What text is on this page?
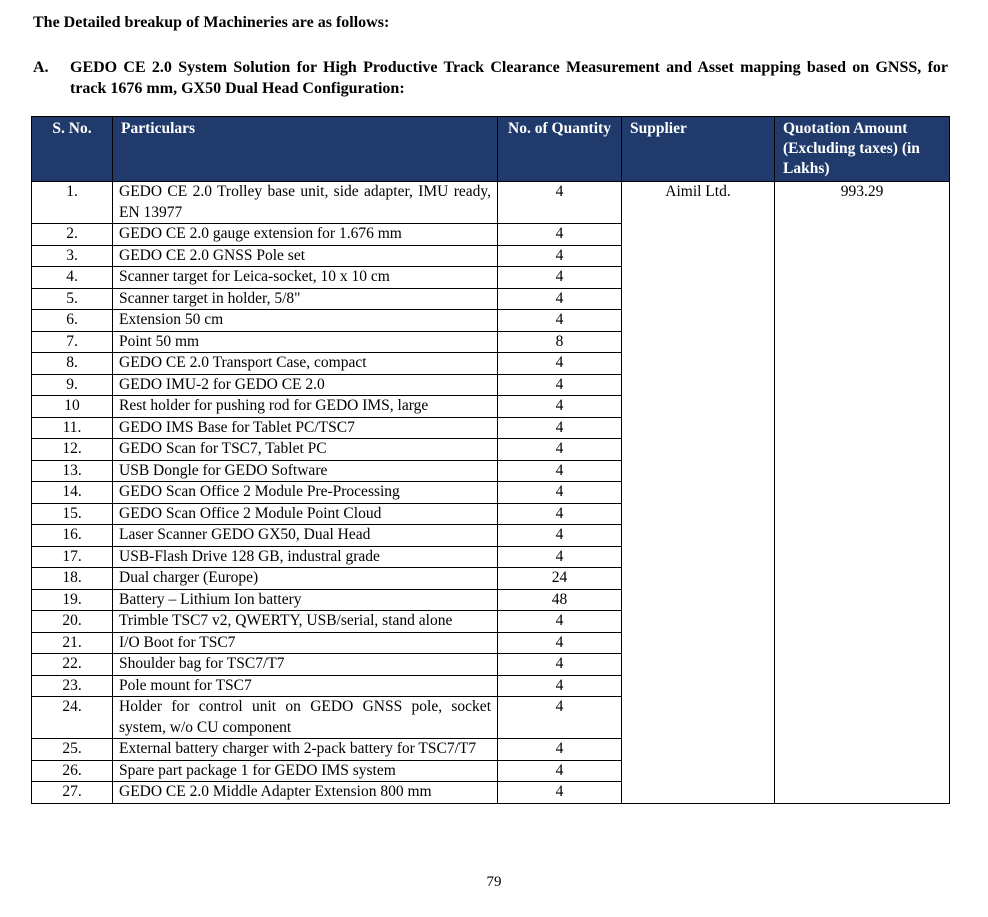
The Detailed breakup of Machineries are as follows:
A. GEDO CE 2.0 System Solution for High Productive Track Clearance Measurement and Asset mapping based on GNSS, for track 1676 mm, GX50 Dual Head Configuration:
S. No.	Particulars	No. of Quantity	Supplier	Quotation Amount (Excluding taxes) (in Lakhs)
1.	GEDO CE 2.0 Trolley base unit, side adapter, IMU ready, EN 13977	4	Aimil Ltd.	993.29
2.	GEDO CE 2.0 gauge extension for 1.676 mm	4		
3.	GEDO CE 2.0 GNSS Pole set	4		
4.	Scanner target for Leica-socket, 10 x 10 cm	4		
5.	Scanner target in holder, 5/8"	4		
6.	Extension 50 cm	4		
7.	Point 50 mm	8		
8.	GEDO CE 2.0 Transport Case, compact	4		
9.	GEDO IMU-2 for GEDO CE 2.0	4		
10	Rest holder for pushing rod for GEDO IMS, large	4		
11.	GEDO IMS Base for Tablet PC/TSC7	4		
12.	GEDO Scan for TSC7, Tablet PC	4		
13.	USB Dongle for GEDO Software	4		
14.	GEDO Scan Office 2 Module Pre-Processing	4		
15.	GEDO Scan Office 2 Module Point Cloud	4		
16.	Laser Scanner GEDO GX50, Dual Head	4		
17.	USB-Flash Drive 128 GB, industral grade	4		
18.	Dual charger (Europe)	24		
19.	Battery – Lithium Ion battery	48		
20.	Trimble TSC7 v2, QWERTY, USB/serial, stand alone	4		
21.	I/O Boot for TSC7	4		
22.	Shoulder bag for TSC7/T7	4		
23.	Pole mount for TSC7	4		
24.	Holder for control unit on GEDO GNSS pole, socket system, w/o CU component	4		
25.	External battery charger with 2-pack battery for TSC7/T7	4		
26.	Spare part package 1 for GEDO IMS system	4		
27.	GEDO CE 2.0 Middle Adapter Extension 800 mm	4		
79
